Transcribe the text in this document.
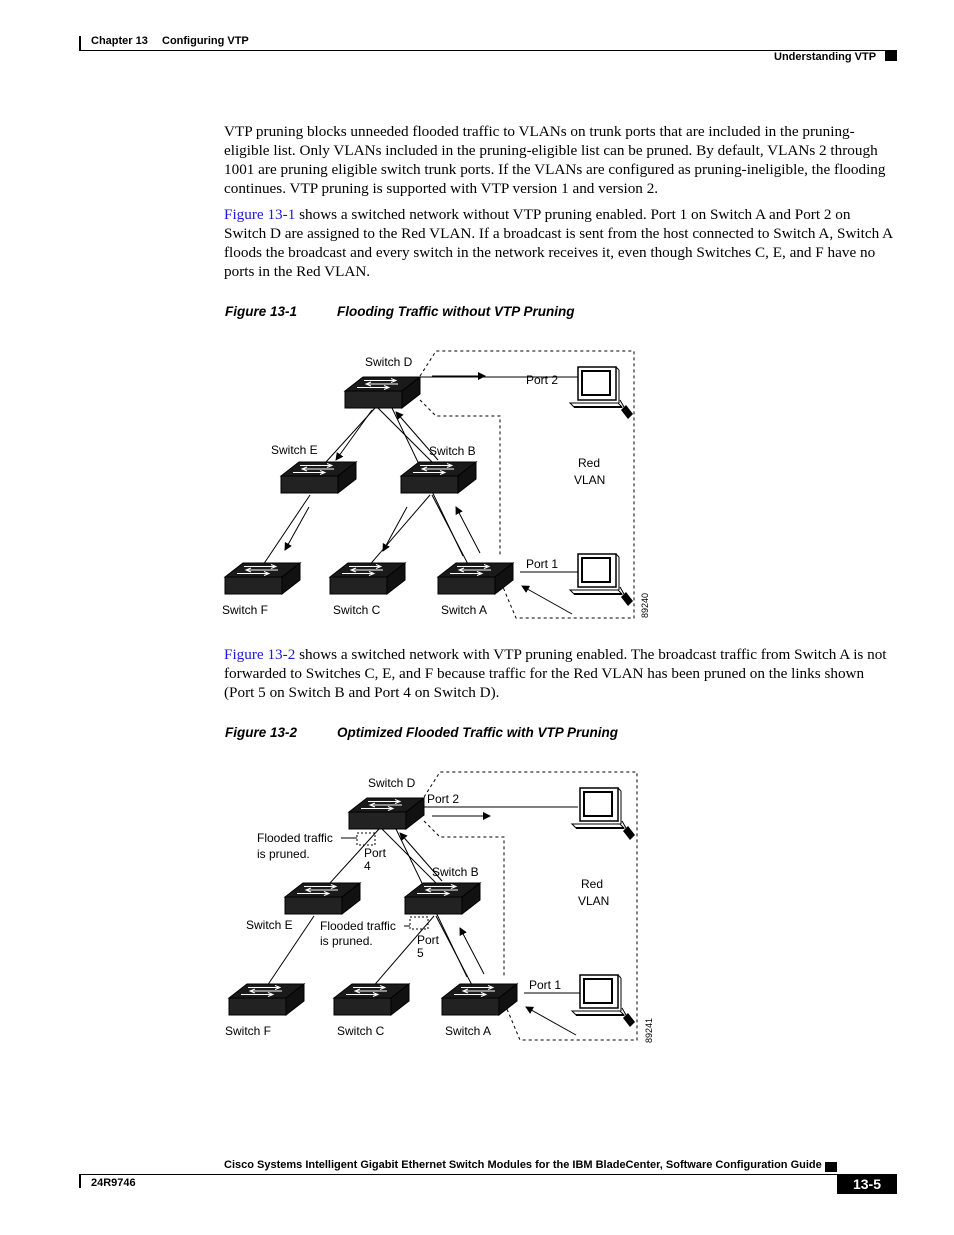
Chapter 13 Configuring VTP
Understanding VTP

VTP pruning blocks unneeded flooded traffic to VLANs on trunk ports that are included in the pruning-eligible list. Only VLANs included in the pruning-eligible list can be pruned. By default, VLANs 2 through 1001 are pruning eligible switch trunk ports. If the VLANs are configured as pruning-ineligible, the flooding continues. VTP pruning is supported with VTP version 1 and version 2.

Figure 13-1 shows a switched network without VTP pruning enabled. Port 1 on Switch A and Port 2 on Switch D are assigned to the Red VLAN. If a broadcast is sent from the host connected to Switch A, Switch A floods the broadcast and every switch in the network receives it, even though Switches C, E, and F have no ports in the Red VLAN.

Figure 13-1	Flooding Traffic without VTP Pruning
Switch D
Switch E	Switch B
Switch F	Switch C	Switch A
Port 2
Port 1
Red
VLAN
89240

Figure 13-2 shows a switched network with VTP pruning enabled. The broadcast traffic from Switch A is not forwarded to Switches C, E, and F because traffic for the Red VLAN has been pruned on the links shown (Port 5 on Switch B and Port 4 on Switch D).

Figure 13-2	Optimized Flooded Traffic with VTP Pruning
Switch D
Switch E
Switch B
Switch F	Switch C	Switch A
Port 2
Port 1
Red
VLAN
Flooded traffic
is pruned.
Flooded traffic
is pruned.
Port
4
Port
5
89241
Cisco Systems Intelligent Gigabit Ethernet Switch Modules for the IBM BladeCenter, Software Configuration Guide
24R9746	13-5
